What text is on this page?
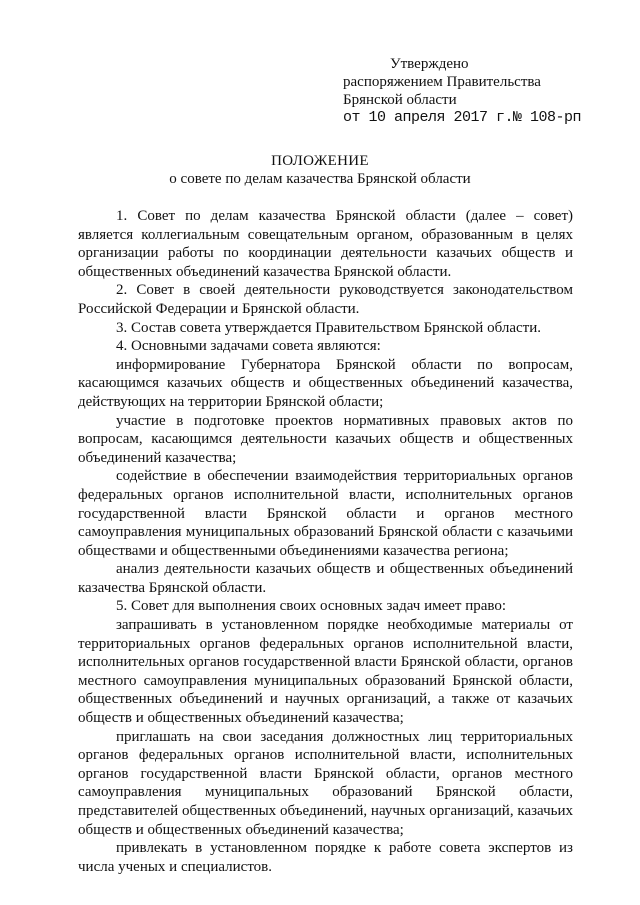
Утверждено
распоряжением Правительства
Брянской области
от 10 апреля 2017 г.№ 108-рп
ПОЛОЖЕНИЕ
о совете по делам казачества Брянской области

1. Совет по делам казачества Брянской области (далее – совет) является коллегиальным совещательным органом, образованным в целях организации работы по координации деятельности казачьих обществ и общественных объединений казачества Брянской области.

2. Совет в своей деятельности руководствуется законодательством Российской Федерации и Брянской области.

3. Состав совета утверждается Правительством Брянской области.

4. Основными задачами совета являются:

информирование Губернатора Брянской области по вопросам, касающимся казачьих обществ и общественных объединений казачества, действующих на территории Брянской области;

участие в подготовке проектов нормативных правовых актов по вопросам, касающимся деятельности казачьих обществ и общественных объединений казачества;

содействие в обеспечении взаимодействия территориальных органов федеральных органов исполнительной власти, исполнительных органов государственной власти Брянской области и органов местного самоуправления муниципальных образований Брянской области с казачьими обществами и общественными объединениями казачества региона;

анализ деятельности казачьих обществ и общественных объединений казачества Брянской области.

5. Совет для выполнения своих основных задач имеет право:

запрашивать в установленном порядке необходимые материалы от территориальных органов федеральных органов исполнительной власти, исполнительных органов государственной власти Брянской области, органов местного самоуправления муниципальных образований Брянской области, общественных объединений и научных организаций, а также от казачьих обществ и общественных объединений казачества;

приглашать на свои заседания должностных лиц территориальных органов федеральных органов исполнительной власти, исполнительных органов государственной власти Брянской области, органов местного самоуправления муниципальных образований Брянской области, представителей общественных объединений, научных организаций, казачьих обществ и общественных объединений казачества;

привлекать в установленном порядке к работе совета экспертов из числа ученых и специалистов.
